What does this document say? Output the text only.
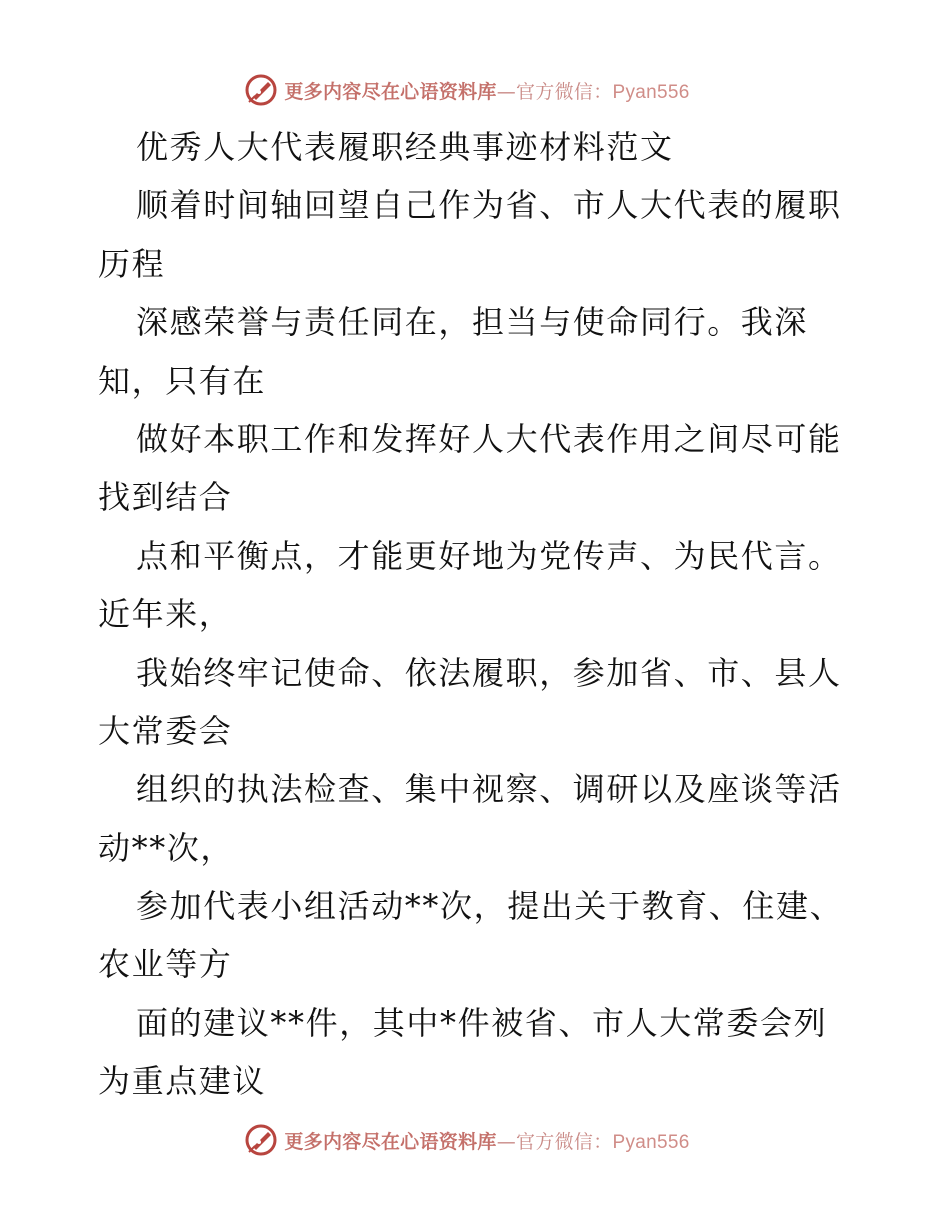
更多内容尽在心语资料库—官方微信：Pyan556
优秀人大代表履职经典事迹材料范文
顺着时间轴回望自己作为省、市人大代表的履职
历程
深感荣誉与责任同在，担当与使命同行。我深
知，只有在
做好本职工作和发挥好人大代表作用之间尽可能
找到结合
点和平衡点，才能更好地为党传声、为民代言。
近年来，
我始终牢记使命、依法履职，参加省、市、县人
大常委会
组织的执法检查、集中视察、调研以及座谈等活
动**次，
参加代表小组活动**次，提出关于教育、住建、
农业等方
面的建议**件，其中*件被省、市人大常委会列
为重点建议
更多内容尽在心语资料库—官方微信：Pyan556
